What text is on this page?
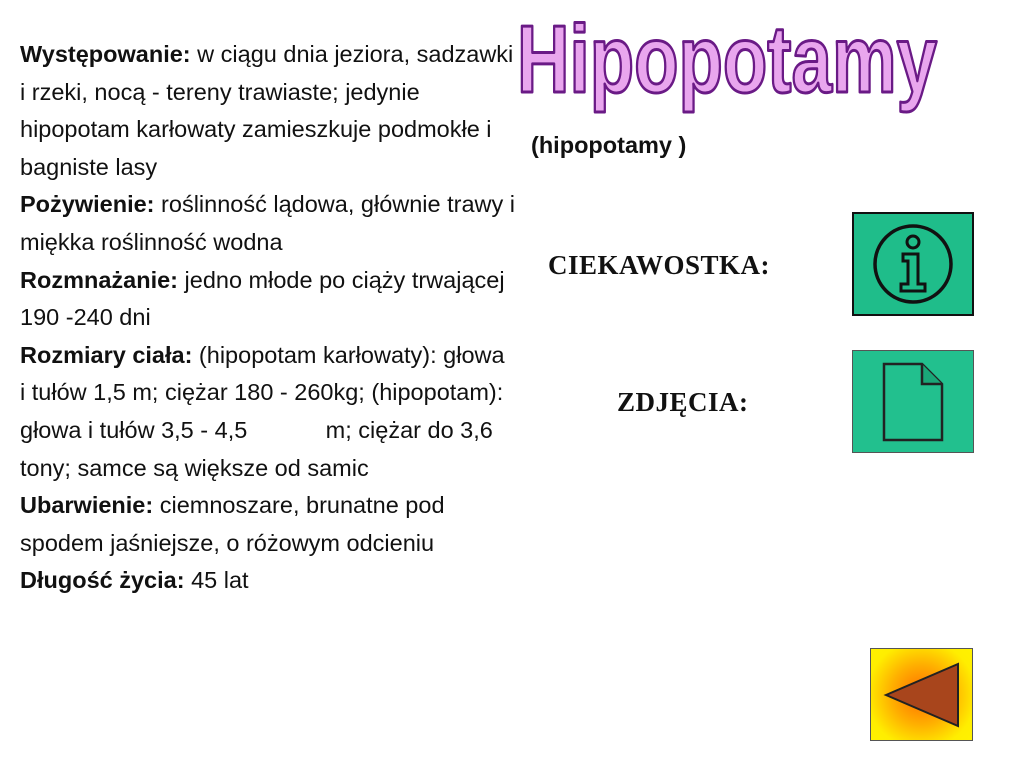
Występowanie: w ciągu dnia jeziora, sadzawki i rzeki, nocą - tereny trawiaste; jedynie hipopotam karłowaty zamieszkuje podmokłe i bagniste lasy

Pożywienie: roślinność lądowa, głównie trawy i miękka roślinność wodna

Rozmnażanie: jedno młode po ciąży trwającej 190 -240 dni

Rozmiary ciała: (hipopotam karłowaty): głowa i tułów 1,5 m; ciężar 180 - 260kg; (hipopotam): głowa i tułów 3,5 - 4,5	m; ciężar do 3,6 tony; samce są większe od samic

Ubarwienie: ciemnoszare, brunatne pod spodem jaśniejsze, o różowym odcieniu

Długość życia: 45 lat

Hipopotamy
(hipopotamy )
CIEKAWOSTKA:
ZDJĘCIA:
